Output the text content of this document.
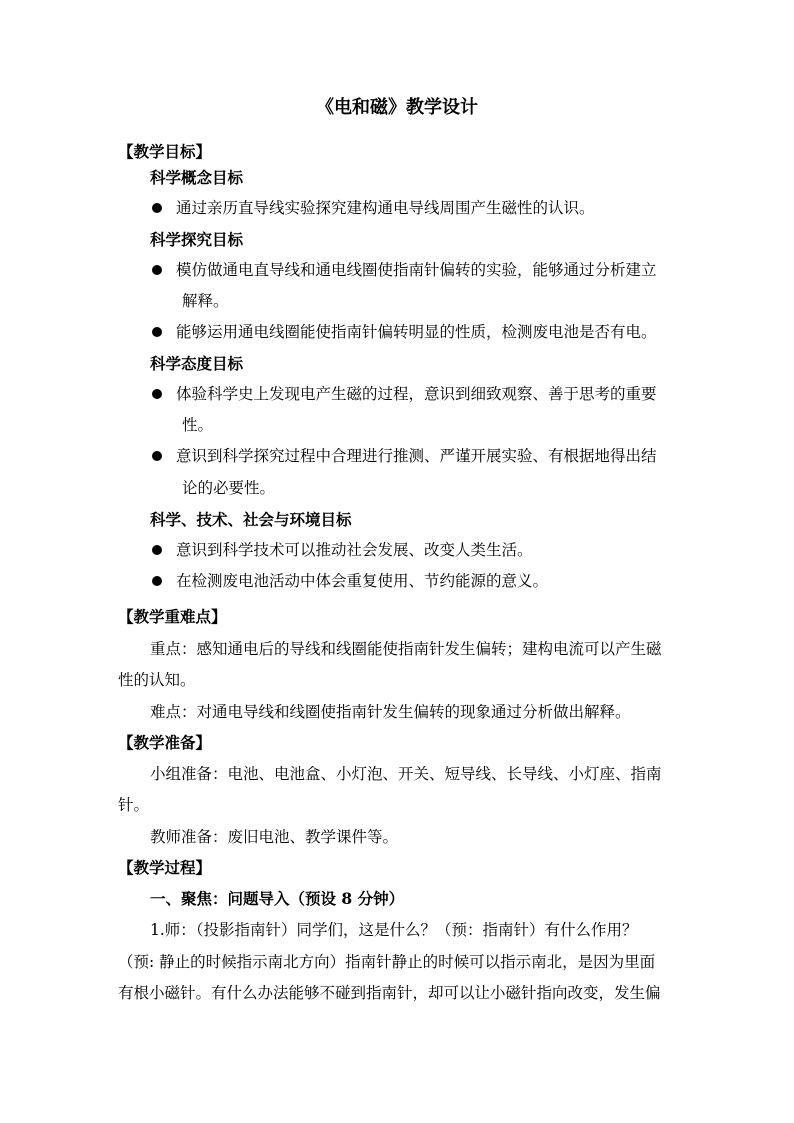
《电和磁》教学设计
【教学目标】
科学概念目标
通过亲历直导线实验探究建构通电导线周围产生磁性的认识。
科学探究目标
模仿做通电直导线和通电线圈使指南针偏转的实验，能够通过分析建立
解释。
能够运用通电线圈能使指南针偏转明显的性质，检测废电池是否有电。
科学态度目标
体验科学史上发现电产生磁的过程，意识到细致观察、善于思考的重要
性。
意识到科学探究过程中合理进行推测、严谨开展实验、有根据地得出结
论的必要性。
科学、技术、社会与环境目标
意识到科学技术可以推动社会发展、改变人类生活。
在检测废电池活动中体会重复使用、节约能源的意义。
【教学重难点】
重点：感知通电后的导线和线圈能使指南针发生偏转；建构电流可以产生磁
性的认知。
难点：对通电导线和线圈使指南针发生偏转的现象通过分析做出解释。
【教学准备】
小组准备：电池、电池盒、小灯泡、开关、短导线、长导线、小灯座、指南
针。
教师准备：废旧电池、教学课件等。
【教学过程】
一、聚焦：问题导入（预设 8 分钟）
1.师：（投影指南针）同学们，这是什么？（预：指南针）有什么作用？
（预: 静止的时候指示南北方向）指南针静止的时候可以指示南北，是因为里面
有根小磁针。有什么办法能够不碰到指南针，却可以让小磁针指向改变，发生偏
